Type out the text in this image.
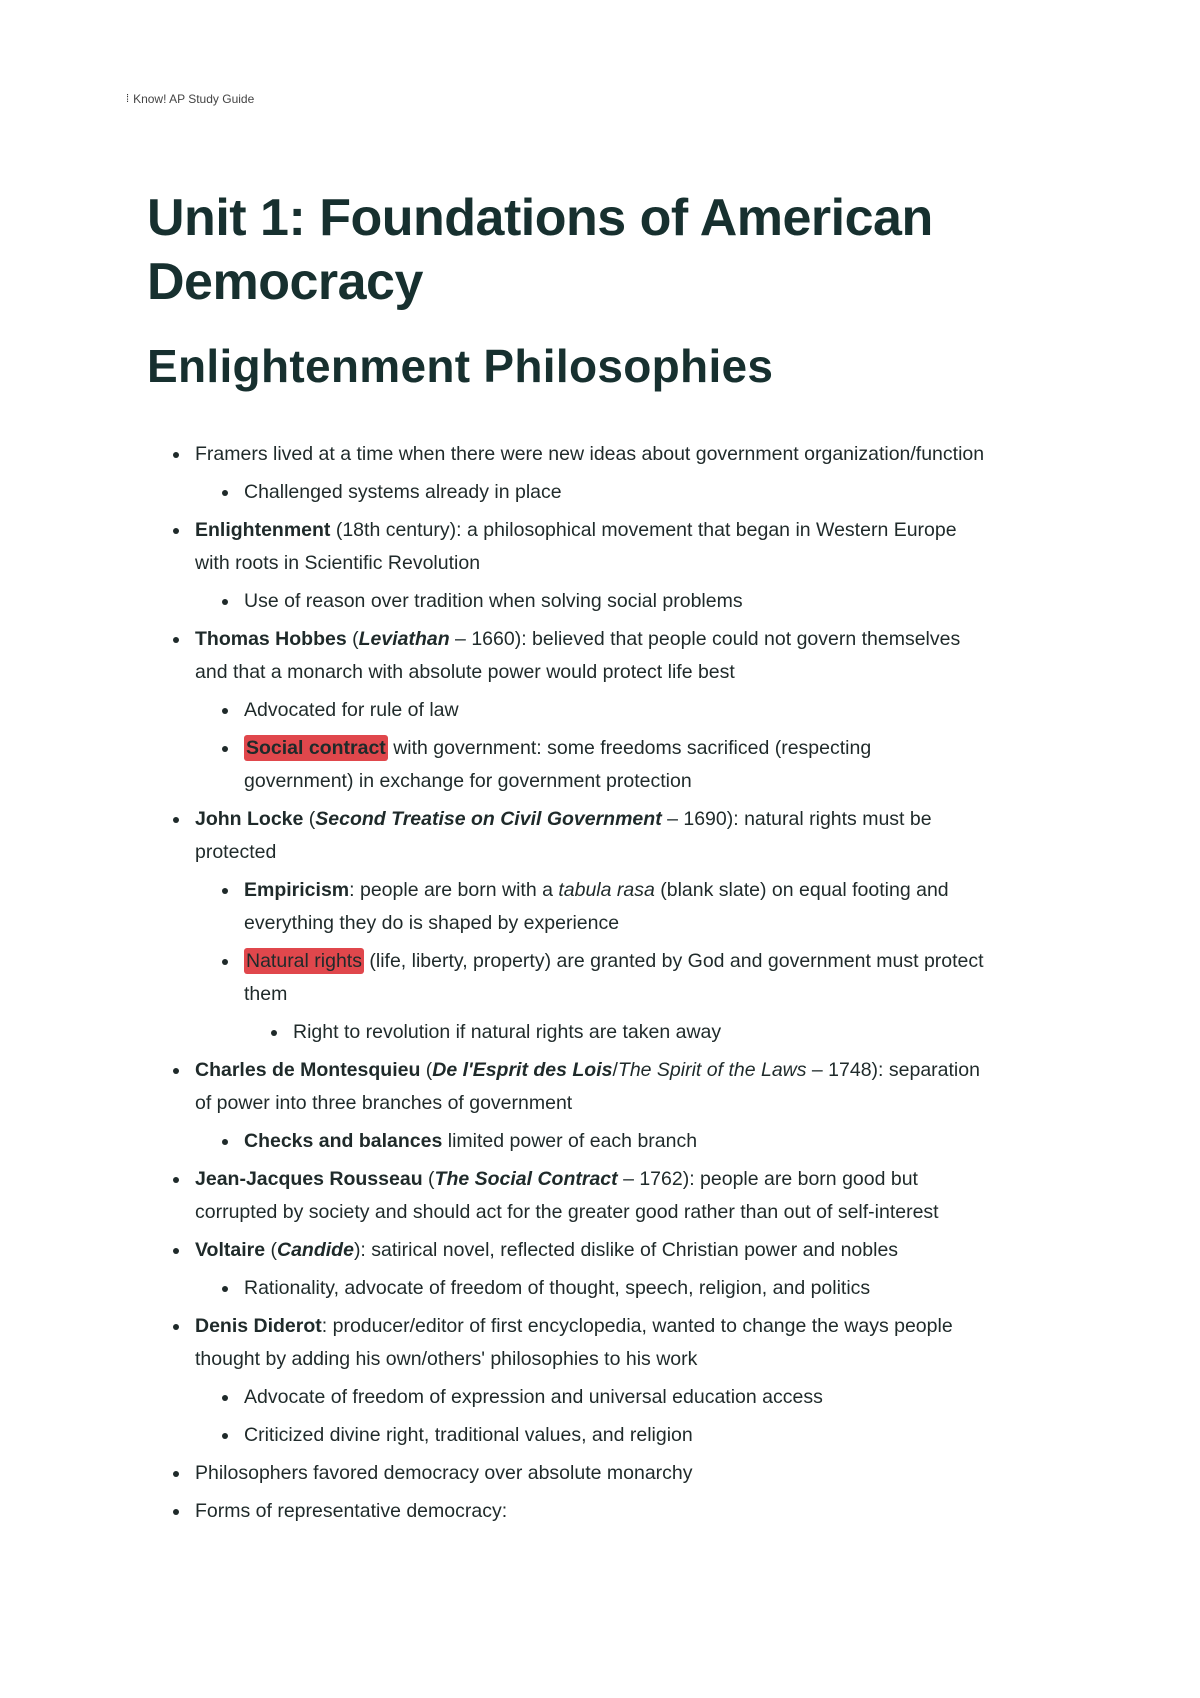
⁞ Know! AP Study Guide
Unit 1: Foundations of American Democracy
Enlightenment Philosophies
Framers lived at a time when there were new ideas about government organization/function
Challenged systems already in place
Enlightenment (18th century): a philosophical movement that began in Western Europe with roots in Scientific Revolution
Use of reason over tradition when solving social problems
Thomas Hobbes (Leviathan – 1660): believed that people could not govern themselves and that a monarch with absolute power would protect life best
Advocated for rule of law
Social contract with government: some freedoms sacrificed (respecting government) in exchange for government protection
John Locke (Second Treatise on Civil Government – 1690): natural rights must be protected
Empiricism: people are born with a tabula rasa (blank slate) on equal footing and everything they do is shaped by experience
Natural rights (life, liberty, property) are granted by God and government must protect them
Right to revolution if natural rights are taken away
Charles de Montesquieu (De l'Esprit des Lois/The Spirit of the Laws – 1748): separation of power into three branches of government
Checks and balances limited power of each branch
Jean-Jacques Rousseau (The Social Contract – 1762): people are born good but corrupted by society and should act for the greater good rather than out of self-interest
Voltaire (Candide): satirical novel, reflected dislike of Christian power and nobles
Rationality, advocate of freedom of thought, speech, religion, and politics
Denis Diderot: producer/editor of first encyclopedia, wanted to change the ways people thought by adding his own/others' philosophies to his work
Advocate of freedom of expression and universal education access
Criticized divine right, traditional values, and religion
Philosophers favored democracy over absolute monarchy
Forms of representative democracy:
